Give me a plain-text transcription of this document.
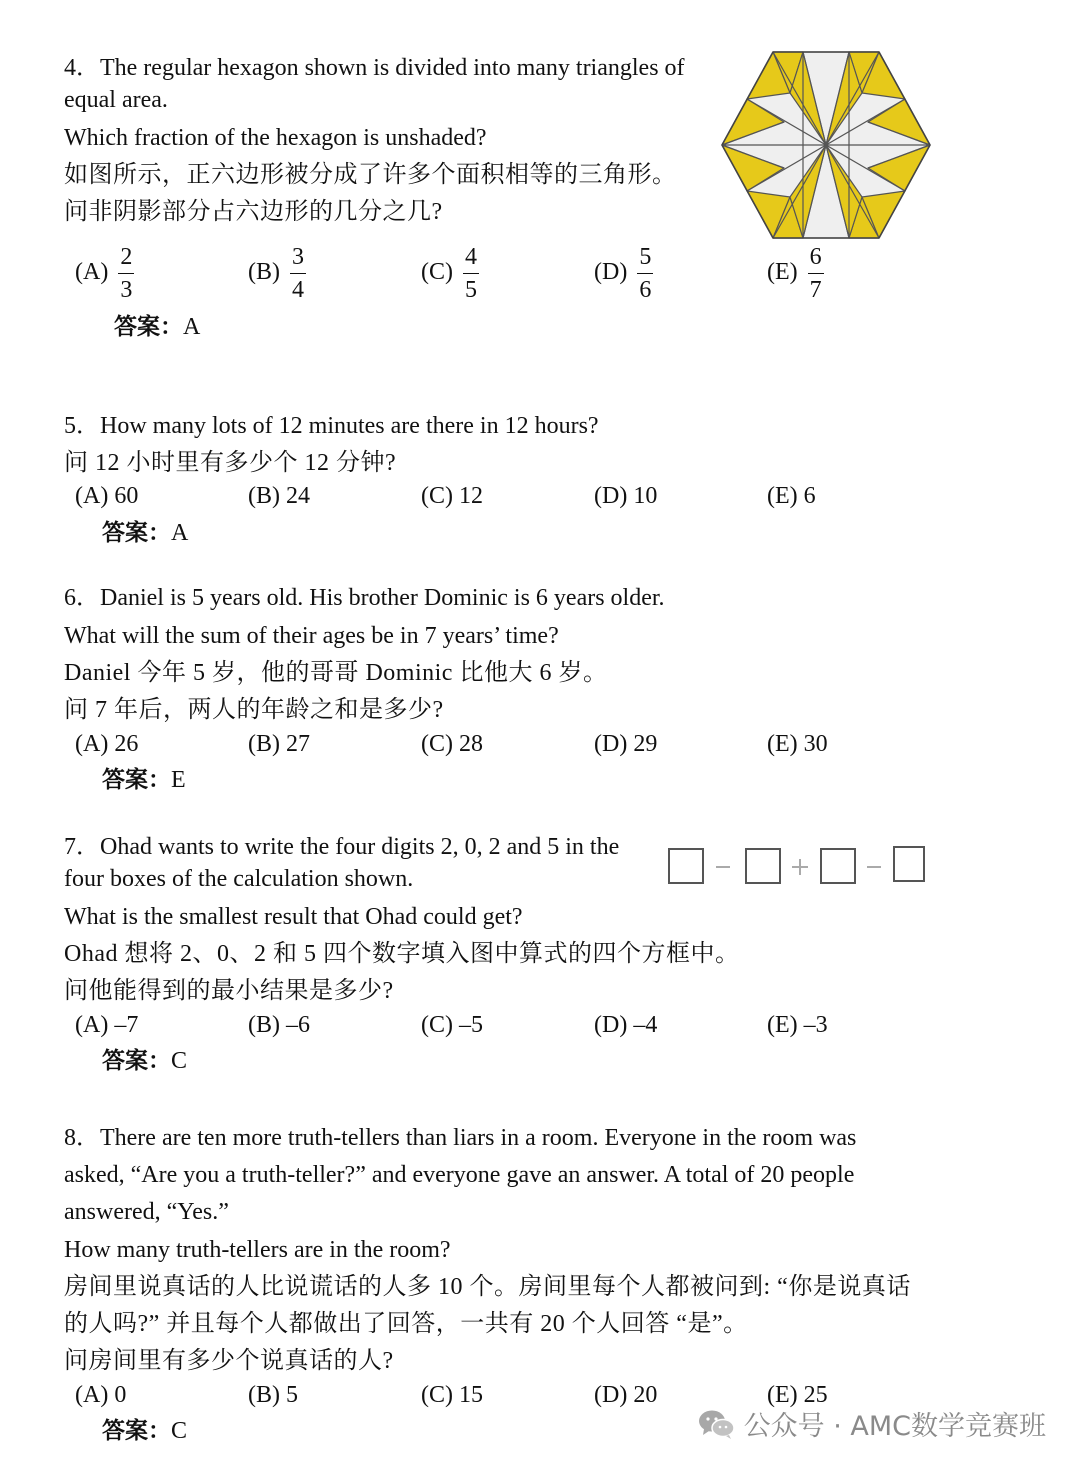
4．The regular hexagon shown is divided into many triangles of
equal area.
Which fraction of the hexagon is unshaded?
如图所示，正六边形被分成了许多个面积相等的三角形。
问非阴影部分占六边形的几分之几?
$(A) \frac{2}{3}$	$(B) \frac{3}{4}$	$(C) \frac{4}{5}$	$(D) \frac{5}{6}$	$(E) \frac{6}{7}$
答案：A
5．How many lots of 12 minutes are there in 12 hours?
问 12 小时里有多少个 12 分钟?
(A) 60	(B) 24	(C) 12	(D) 10	(E) 6
答案：A
6．Daniel is 5 years old. His brother Dominic is 6 years older.
What will the sum of their ages be in 7 years’ time?
Daniel 今年 5 岁，他的哥哥 Dominic 比他大 6 岁。
问 7 年后，两人的年龄之和是多少?
(A) 26	(B) 27	(C) 28	(D) 29	(E) 30
答案：E
7．Ohad wants to write the four digits 2, 0, 2 and 5 in the
four boxes of the calculation shown.
What is the smallest result that Ohad could get?
Ohad 想将 2、0、2 和 5 四个数字填入图中算式的四个方框中。
问他能得到的最小结果是多少?
(A) –7	(B) –6	(C) –5	(D) –4	(E) –3
答案：C
8．There are ten more truth-tellers than liars in a room. Everyone in the room was
asked, “Are you a truth-teller?” and everyone gave an answer. A total of 20 people
answered, “Yes.”
How many truth-tellers are in the room?
房间里说真话的人比说谎话的人多 10 个。房间里每个人都被问到: “你是说真话
的人吗?” 并且每个人都做出了回答，一共有 20 个人回答 “是”。
问房间里有多少个说真话的人?
(A) 0	(B) 5	(C) 15	(D) 20	(E) 25
答案：C	公众号 · AMC数学竞赛班
